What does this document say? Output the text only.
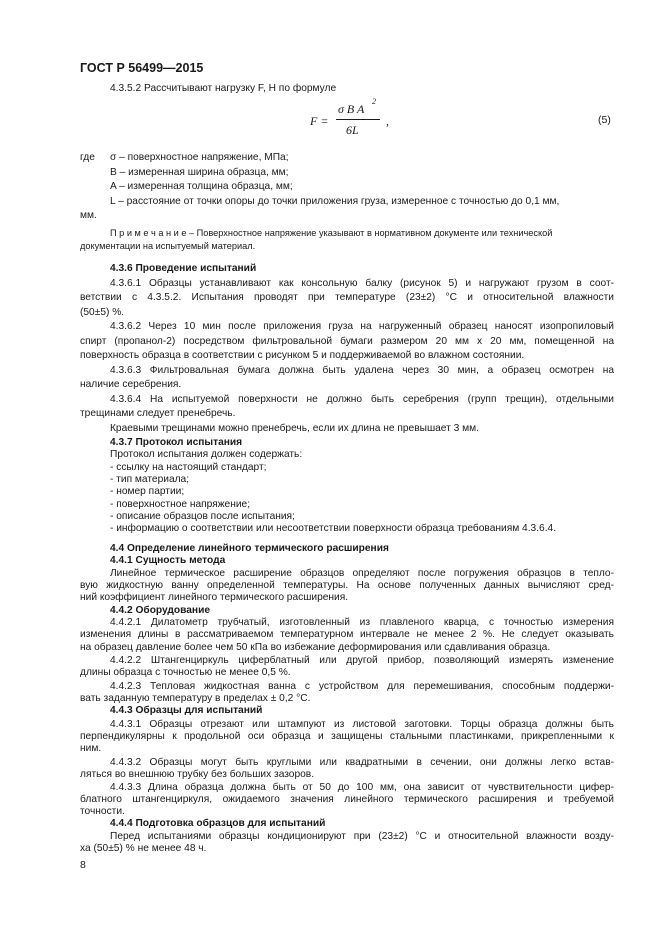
ГОСТ Р 56499—2015
4.3.5.2 Рассчитывают нагрузку F, Н по формуле
F =
σ B A
2
6L
,	(5)
где σ – поверхностное напряжение, МПа;
B – измеренная ширина образца, мм;
A – измеренная толщина образца, мм;
L – расстояние от точки опоры до точки приложения груза, измеренное с точностью до 0,1 мм,
мм.
П р и м е ч а н и е – Поверхностное напряжение указывают в нормативном документе или технической
документации на испытуемый материал.
4.3.6 Проведение испытаний
4.3.6.1 Образцы устанавливают как консольную балку (рисунок 5) и нагружают грузом в соот-
ветствии с 4.3.5.2. Испытания проводят при температуре (23±2) °С и относительной влажности
(50±5) %.
4.3.6.2 Через 10 мин после приложения груза на нагруженный образец наносят изопропиловый
спирт (пропанол-2) посредством фильтровальной бумаги размером 20 мм х 20 мм, помещенной на
поверхность образца в соответствии с рисунком 5 и поддерживаемой во влажном состоянии.
4.3.6.3 Фильтровальная бумага должна быть удалена через 30 мин, а образец осмотрен на
наличие серебрения.
4.3.6.4 На испытуемой поверхности не должно быть серебрения (групп трещин), отдельными
трещинами следует пренебречь.
Краевыми трещинами можно пренебречь, если их длина не превышает 3 мм.
4.3.7 Протокол испытания
Протокол испытания должен содержать:
- ссылку на настоящий стандарт;
- тип материала;
- номер партии;
- поверхностное напряжение;
- описание образцов после испытания;
- информацию о соответствии или несоответствии поверхности образца требованиям 4.3.6.4.
4.4 Определение линейного термического расширения
4.4.1 Сущность метода
Линейное термическое расширение образцов определяют после погружения образцов в тепло-
вую жидкостную ванну определенной температуры. На основе полученных данных вычисляют сред-
ний коэффициент линейного термического расширения.
4.4.2 Оборудование
4.4.2.1 Дилатометр трубчатый, изготовленный из плавленого кварца, с точностью измерения
изменения длины в рассматриваемом температурном интервале не менее 2 %. Не следует оказывать
на образец давление более чем 50 кПа во избежание деформирования или сдавливания образца.
4.4.2.2 Штангенциркуль циферблатный или другой прибор, позволяющий измерять изменение
длины образца с точностью не менее 0,5 %.
4.4.2.3 Тепловая жидкостная ванна с устройством для перемешивания, способным поддержи-
вать заданную температуру в пределах ± 0,2 °С.
4.4.3 Образцы для испытаний
4.4.3.1 Образцы отрезают или штампуют из листовой заготовки. Торцы образца должны быть
перпендикулярны к продольной оси образца и защищены стальными пластинками, прикрепленными к
ним.
4.4.3.2 Образцы могут быть круглыми или квадратными в сечении, они должны легко встав-
ляться во внешнюю трубку без больших зазоров.
4.4.3.3 Длина образца должна быть от 50 до 100 мм, она зависит от чувствительности цифер-
блатного штангенциркуля, ожидаемого значения линейного термического расширения и требуемой
точности.
4.4.4 Подготовка образцов для испытаний
Перед испытаниями образцы кондиционируют при (23±2) °С и относительной влажности возду-
ха (50±5) % не менее 48 ч.
8
